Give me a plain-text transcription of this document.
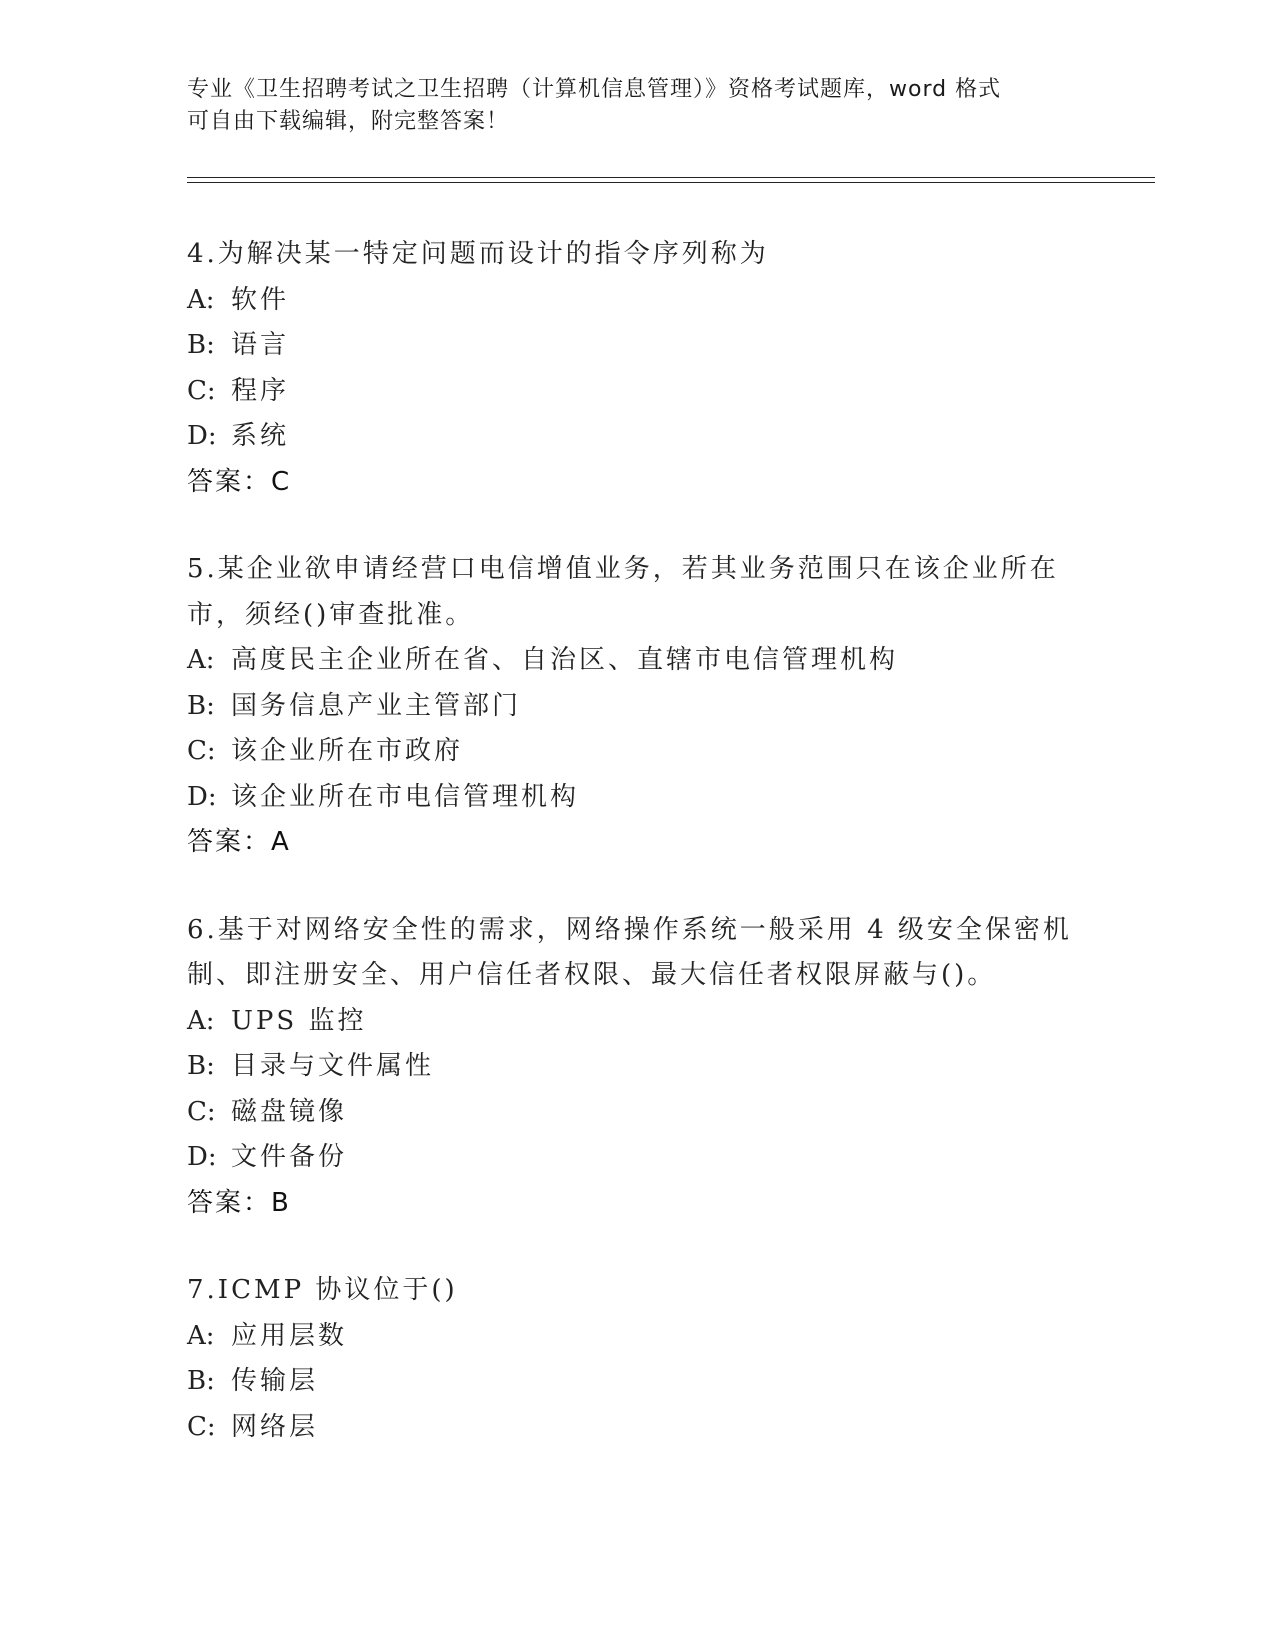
专业《卫生招聘考试之卫生招聘（计算机信息管理）》资格考试题库，word 格式
可自由下载编辑，附完整答案！
4.为解决某一特定问题而设计的指令序列称为
A: 软件
B: 语言
C: 程序
D: 系统
答案：C
5.某企业欲申请经营口电信增值业务，若其业务范围只在该企业所在
市，须经()审查批准。
A: 高度民主企业所在省、自治区、直辖市电信管理机构
B: 国务信息产业主管部门
C: 该企业所在市政府
D: 该企业所在市电信管理机构
答案：A
6.基于对网络安全性的需求，网络操作系统一般采用 4 级安全保密机
制、即注册安全、用户信任者权限、最大信任者权限屏蔽与()。
A: UPS 监控
B: 目录与文件属性
C: 磁盘镜像
D: 文件备份
答案：B
7.ICMP 协议位于()
A: 应用层数
B: 传输层
C: 网络层
